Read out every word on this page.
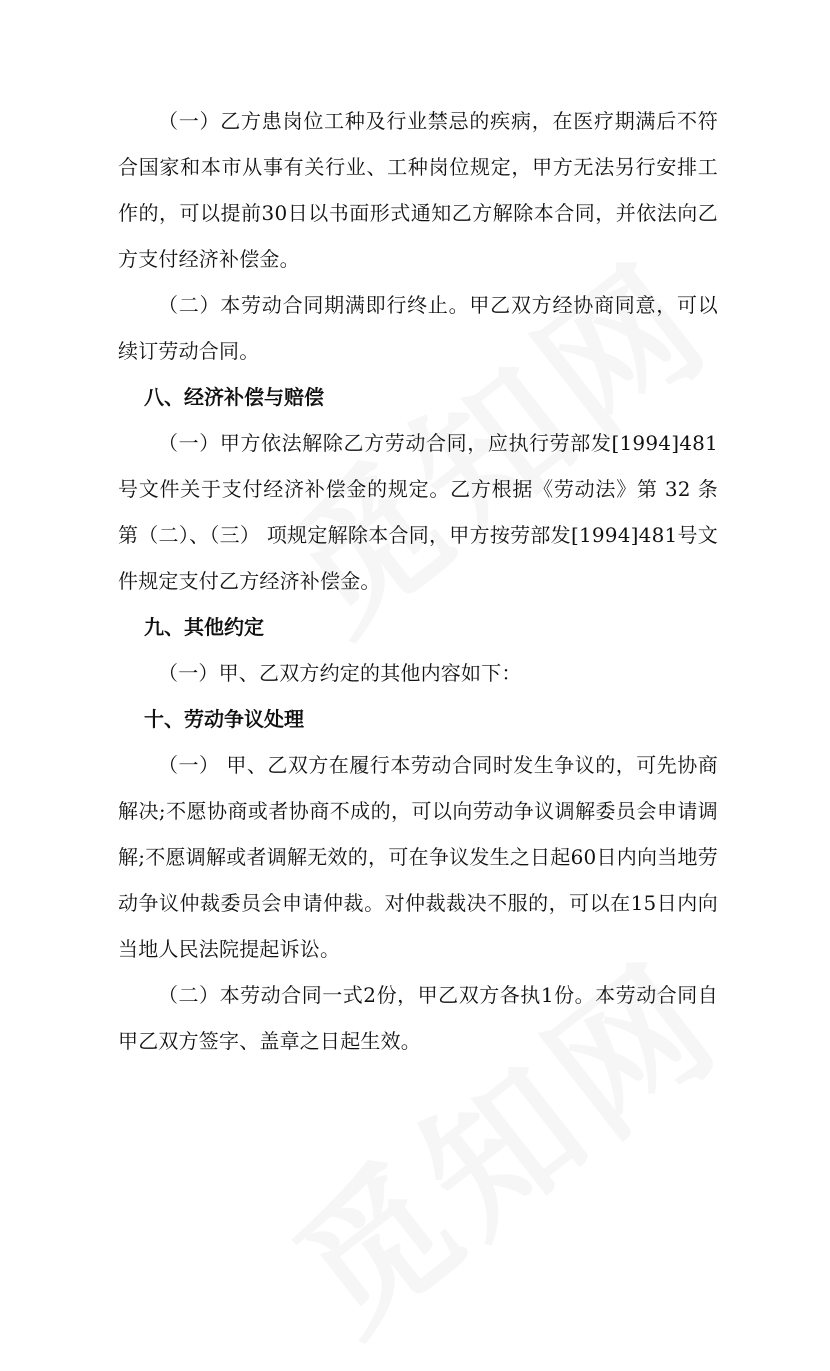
（一）乙方患岗位工种及行业禁忌的疾病，在医疗期满后不符合国家和本市从事有关行业、工种岗位规定，甲方无法另行安排工作的，可以提前30日以书面形式通知乙方解除本合同，并依法向乙方支付经济补偿金。

（二）本劳动合同期满即行终止。甲乙双方经协商同意，可以续订劳动合同。

八、经济补偿与赔偿

（一）甲方依法解除乙方劳动合同，应执行劳部发[1994]481号文件关于支付经济补偿金的规定。乙方根据《劳动法》第 32 条第（二）、（三） 项规定解除本合同，甲方按劳部发[1994]481号文件规定支付乙方经济补偿金。

九、其他约定

（一）甲、乙双方约定的其他内容如下：

十、劳动争议处理

（一） 甲、乙双方在履行本劳动合同时发生争议的，可先协商解决;不愿协商或者协商不成的，可以向劳动争议调解委员会申请调解;不愿调解或者调解无效的，可在争议发生之日起60日内向当地劳动争议仲裁委员会申请仲裁。对仲裁裁决不服的，可以在15日内向当地人民法院提起诉讼。

（二）本劳动合同一式2份，甲乙双方各执1份。本劳动合同自甲乙双方签字、盖章之日起生效。
